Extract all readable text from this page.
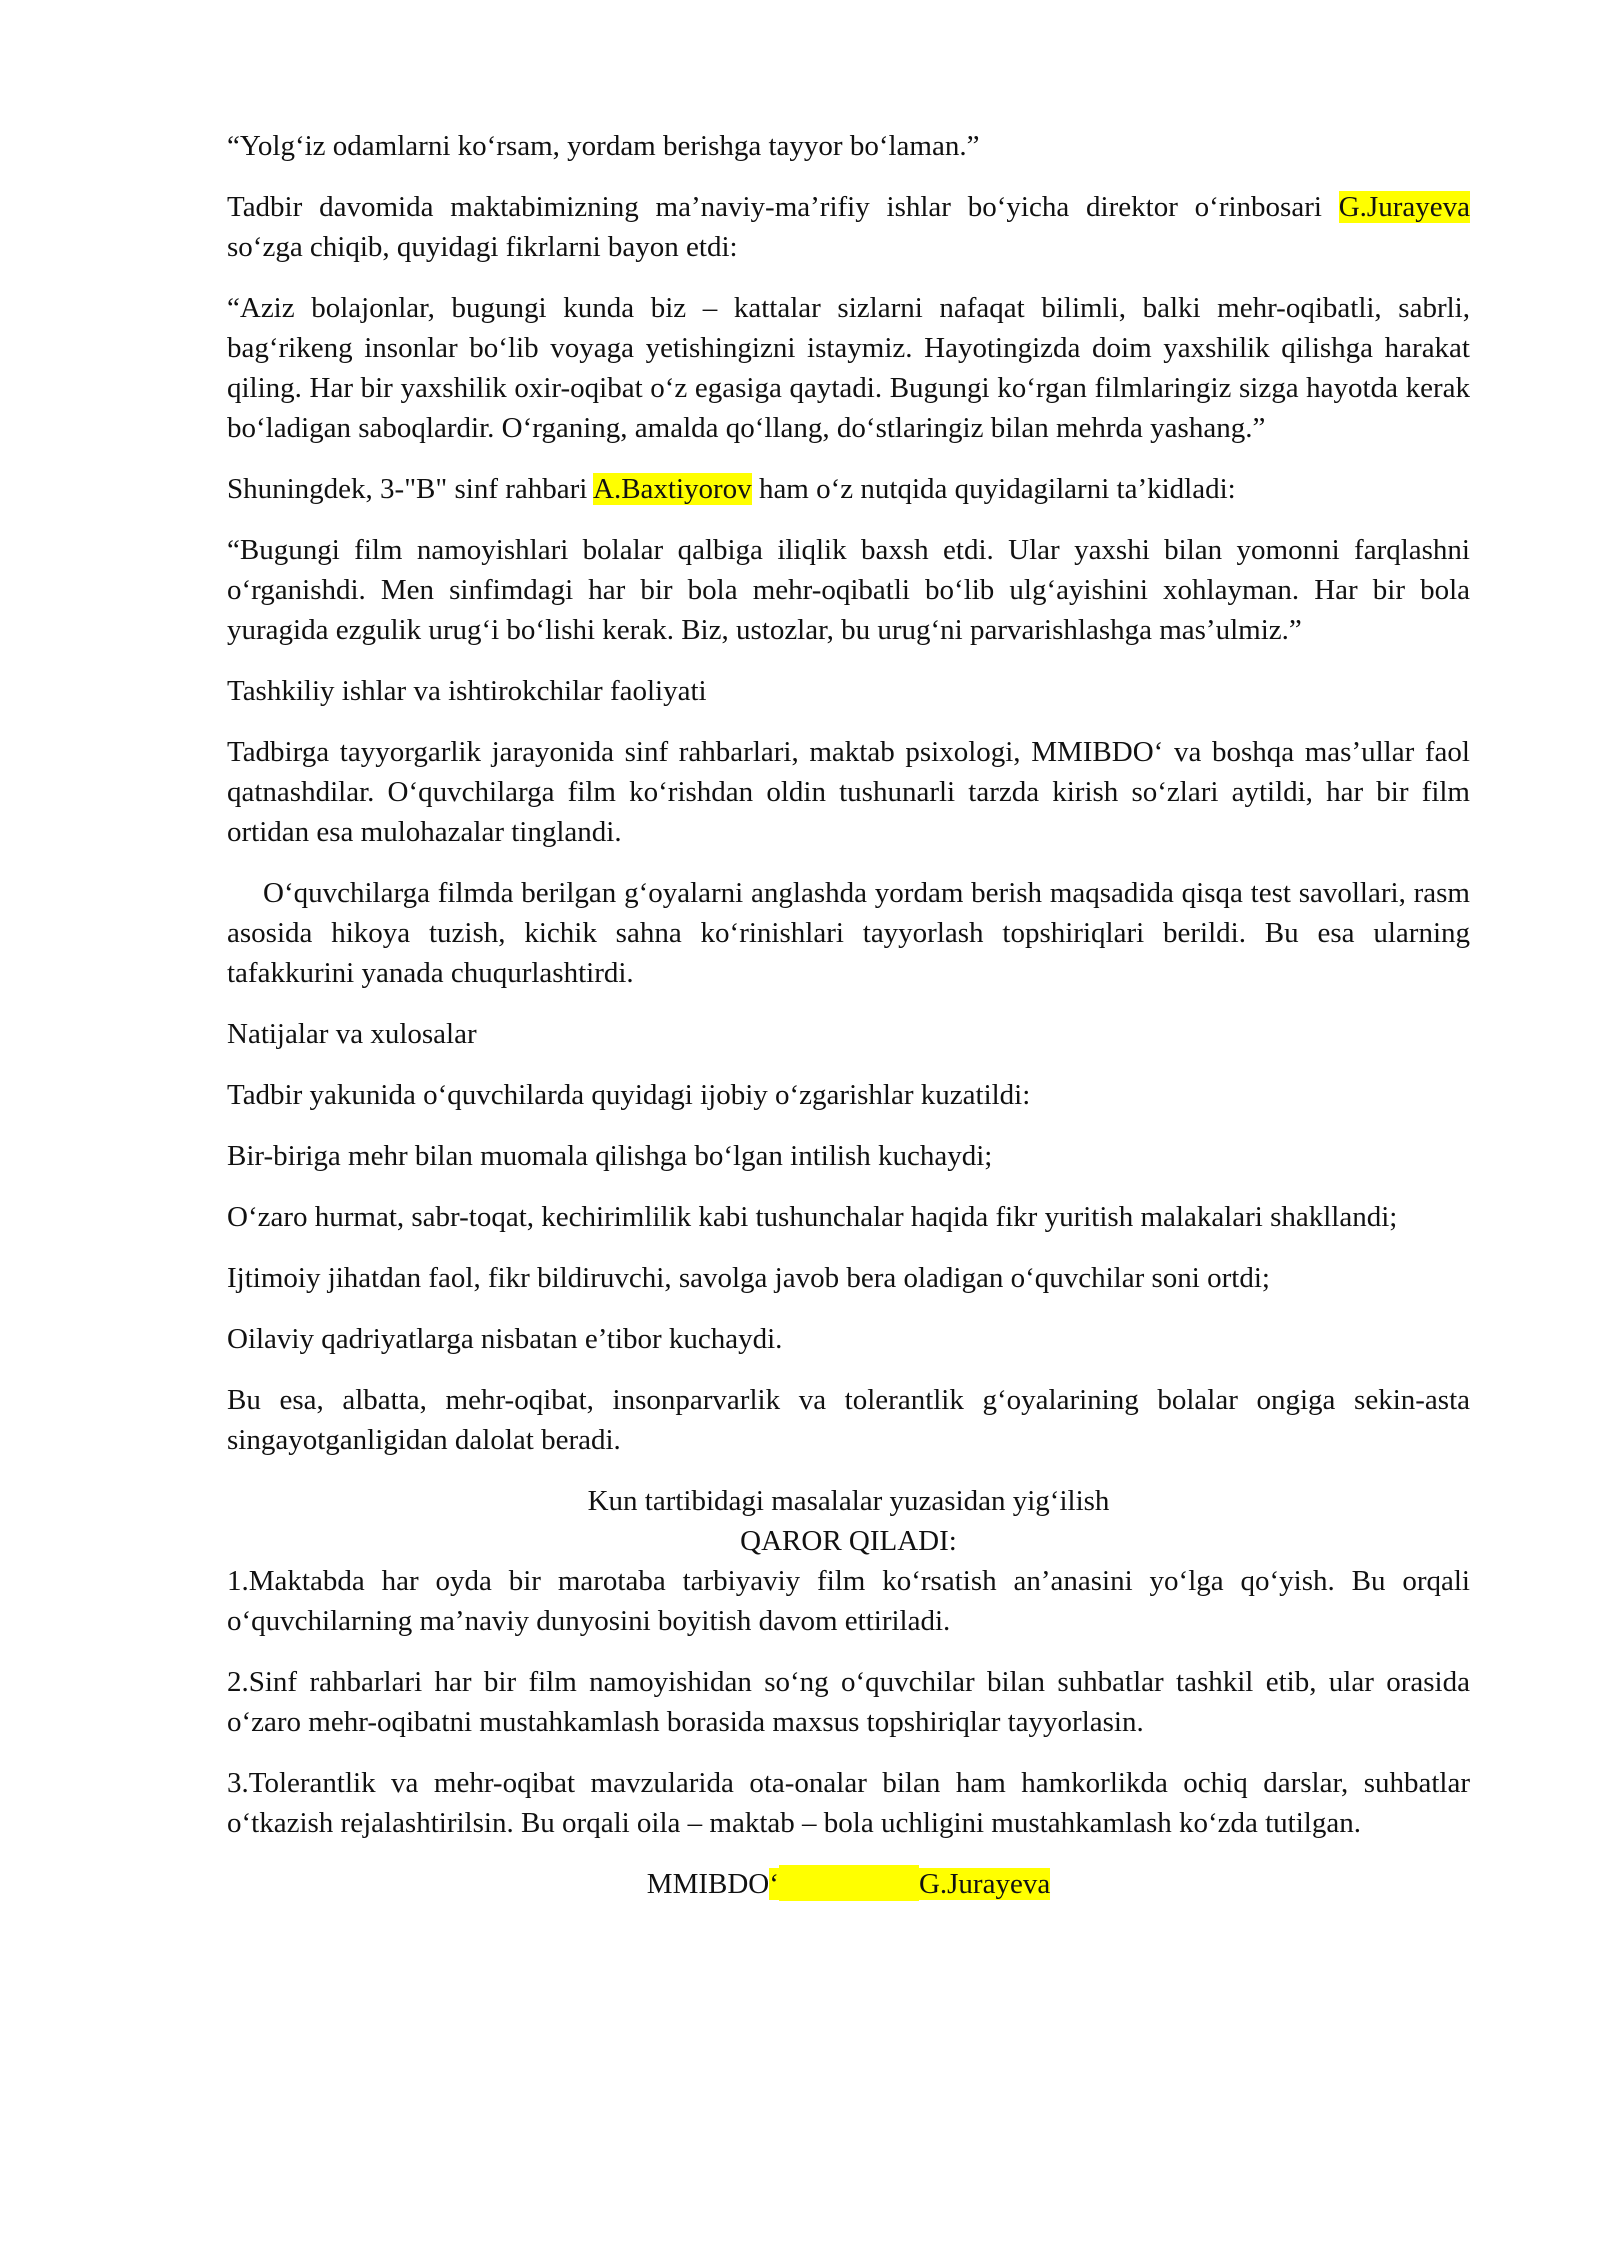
“Yolg‘iz odamlarni ko‘rsam, yordam berishga tayyor bo‘laman.”

Tadbir davomida maktabimizning ma’naviy-ma’rifiy ishlar bo‘yicha direktor o‘rinbosari G.Jurayeva so‘zga chiqib, quyidagi fikrlarni bayon etdi:

“Aziz bolajonlar, bugungi kunda biz – kattalar sizlarni nafaqat bilimli, balki mehr-oqibatli, sabrli, bag‘rikeng insonlar bo‘lib voyaga yetishingizni istaymiz. Hayotingizda doim yaxshilik qilishga harakat qiling. Har bir yaxshilik oxir-oqibat o‘z egasiga qaytadi. Bugungi ko‘rgan filmlaringiz sizga hayotda kerak bo‘ladigan saboqlardir. O‘rganing, amalda qo‘llang, do‘stlaringiz bilan mehrda yashang.”

Shuningdek, 3-"B" sinf rahbari A.Baxtiyorov ham o‘z nutqida quyidagilarni ta’kidladi:

“Bugungi film namoyishlari bolalar qalbiga iliqlik baxsh etdi. Ular yaxshi bilan yomonni farqlashni o‘rganishdi. Men sinfimdagi har bir bola mehr-oqibatli bo‘lib ulg‘ayishini xohlayman. Har bir bola yuragida ezgulik urug‘i bo‘lishi kerak. Biz, ustozlar, bu urug‘ni parvarishlashga mas’ulmiz.”

Tashkiliy ishlar va ishtirokchilar faoliyati

Tadbirga tayyorgarlik jarayonida sinf rahbarlari, maktab psixologi, MMIBDO‘ va boshqa mas’ullar faol qatnashdilar. O‘quvchilarga film ko‘rishdan oldin tushunarli tarzda kirish so‘zlari aytildi, har bir film ortidan esa mulohazalar tinglandi.

O‘quvchilarga filmda berilgan g‘oyalarni anglashda yordam berish maqsadida qisqa test savollari, rasm asosida hikoya tuzish, kichik sahna ko‘rinishlari tayyorlash topshiriqlari berildi. Bu esa ularning tafakkurini yanada chuqurlashtirdi.

Natijalar va xulosalar

Tadbir yakunida o‘quvchilarda quyidagi ijobiy o‘zgarishlar kuzatildi:

Bir-biriga mehr bilan muomala qilishga bo‘lgan intilish kuchaydi;

O‘zaro hurmat, sabr-toqat, kechirimlilik kabi tushunchalar haqida fikr yuritish malakalari shakllandi;

Ijtimoiy jihatdan faol, fikr bildiruvchi, savolga javob bera oladigan o‘quvchilar soni ortdi;

Oilaviy qadriyatlarga nisbatan e’tibor kuchaydi.

Bu esa, albatta, mehr-oqibat, insonparvarlik va tolerantlik g‘oyalarining bolalar ongiga sekin-asta singayotganligidan dalolat beradi.

Kun tartibidagi masalalar yuzasidan yig‘ilish

QAROR QILADI:

1.Maktabda har oyda bir marotaba tarbiyaviy film ko‘rsatish an’anasini yo‘lga qo‘yish. Bu orqali o‘quvchilarning ma’naviy dunyosini boyitish davom ettiriladi.

2.Sinf rahbarlari har bir film namoyishidan so‘ng o‘quvchilar bilan suhbatlar tashkil etib, ular orasida o‘zaro mehr-oqibatni mustahkamlash borasida maxsus topshiriqlar tayyorlasin.

3.Tolerantlik va mehr-oqibat mavzularida ota-onalar bilan ham hamkorlikda ochiq darslar, suhbatlar o‘tkazish rejalashtirilsin. Bu orqali oila – maktab – bola uchligini mustahkamlash ko‘zda tutilgan.

MMIBDO‘	G.Jurayeva
